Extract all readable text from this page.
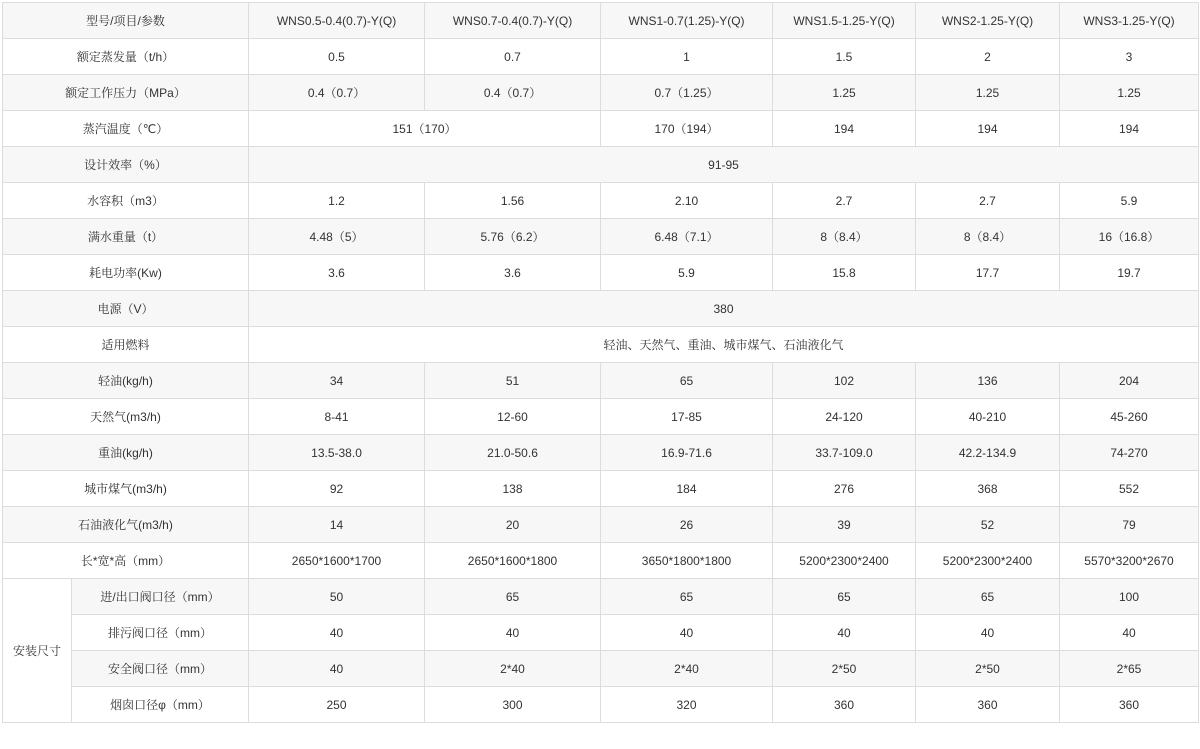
型号/项目/参数		WNS0.5-0.4(0.7)-Y(Q)	WNS0.7-0.4(0.7)-Y(Q)	WNS1-0.7(1.25)-Y(Q)	WNS1.5-1.25-Y(Q)	WNS2-1.25-Y(Q)	WNS3-1.25-Y(Q)
额定蒸发量（t/h）		0.5	0.7	1	1.5	2	3
额定工作压力（MPa）		0.4（0.7）	0.4（0.7）	0.7（1.25）	1.25	1.25	1.25
蒸汽温度（℃）		151（170）		170（194）	194	194	194
设计效率（%）		91-95					
水容积（m3）		1.2	1.56	2.10	2.7	2.7	5.9
满水重量（t）		4.48（5）	5.76（6.2）	6.48（7.1）	8（8.4）	8（8.4）	16（16.8）
耗电功率(Kw)		3.6	3.6	5.9	15.8	17.7	19.7
电源（V）		380					
适用燃料		轻油、天然气、重油、城市煤气、石油液化气					
轻油(kg/h)		34	51	65	102	136	204
天然气(m3/h)		8-41	12-60	17-85	24-120	40-210	45-260
重油(kg/h)		13.5-38.0	21.0-50.6	16.9-71.6	33.7-109.0	42.2-134.9	74-270
城市煤气(m3/h)		92	138	184	276	368	552
石油液化气(m3/h)		14	20	26	39	52	79
长*宽*高（mm）		2650*1600*1700	2650*1600*1800	3650*1800*1800	5200*2300*2400	5200*2300*2400	5570*3200*2670
安装尺寸	进/出口阀口径（mm）	50	65	65	65	65	100
	排污阀口径（mm）	40	40	40	40	40	40
	安全阀口径（mm）	40	2*40	2*40	2*50	2*50	2*65
	烟囱口径φ（mm）	250	300	320	360	360	360
